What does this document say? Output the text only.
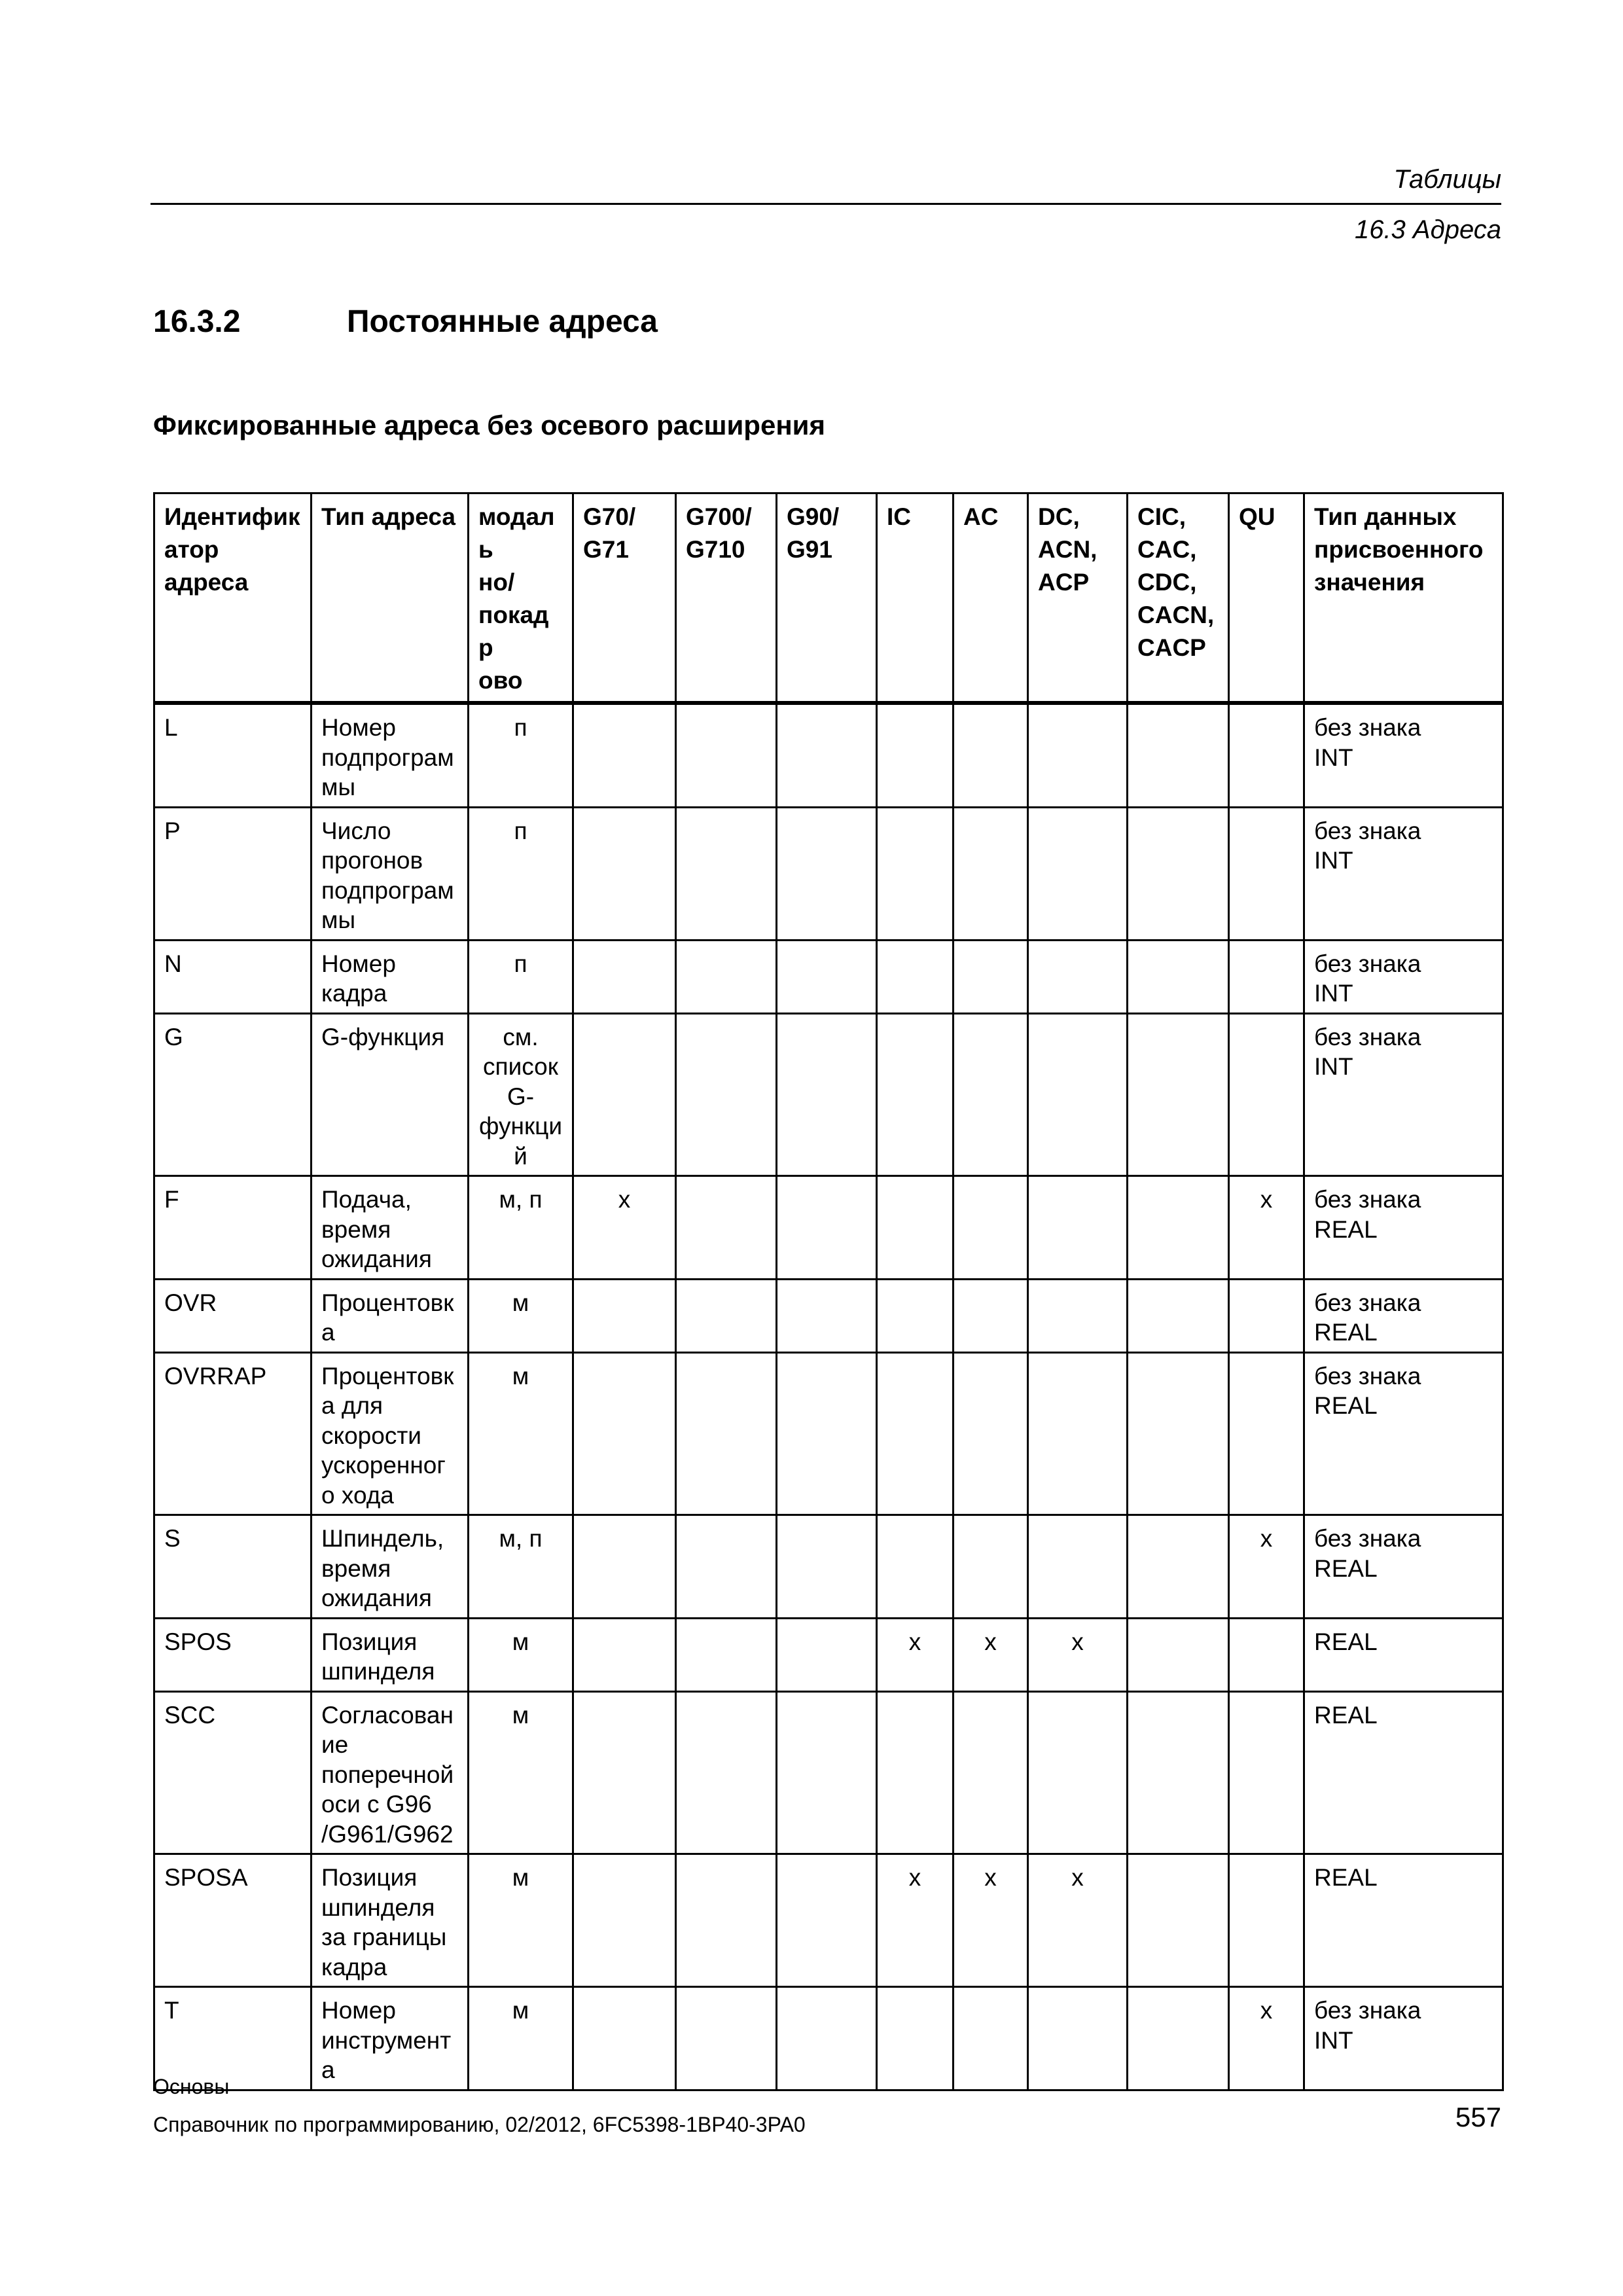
Таблицы
16.3 Адреса
16.3.2	Постоянные адреса
Фиксированные адреса без осевого расширения
Идентифик
атор
адреса	Тип адреса	модаль
но/
покадр
ово	G70/
G71	G700/
G710	G90/
G91	IC	AC	DC,
ACN,
ACP	CIC,
CAC,
CDC,
CACN,
CACP	QU	Тип данных
присвоенного
значения
L	Номер
подпрограм
мы	п									без знака
INT
P	Число
прогонов
подпрограм
мы	п									без знака
INT
N	Номер
кадра	п									без знака
INT
G	G-функция	см.
список
G-
функци
й									без знака
INT
F	Подача,
время
ожидания	м, п	x							x	без знака
REAL
OVR	Процентовк
а	м									без знака
REAL
OVRRAP	Процентовк
а для
скорости
ускоренног
о хода	м									без знака
REAL
S	Шпиндель,
время
ожидания	м, п								x	без знака
REAL
SPOS	Позиция
шпинделя	м				x	x	x			REAL
SCC	Согласован
ие
поперечной
оси с G96
/G961/G962	м									REAL
SPOSA	Позиция
шпинделя
за границы
кадра	м				x	x	x			REAL
T	Номер
инструмент
а	м								x	без знака
INT
Основы
Справочник по программированию, 02/2012, 6FC5398-1BP40-3PA0	557
